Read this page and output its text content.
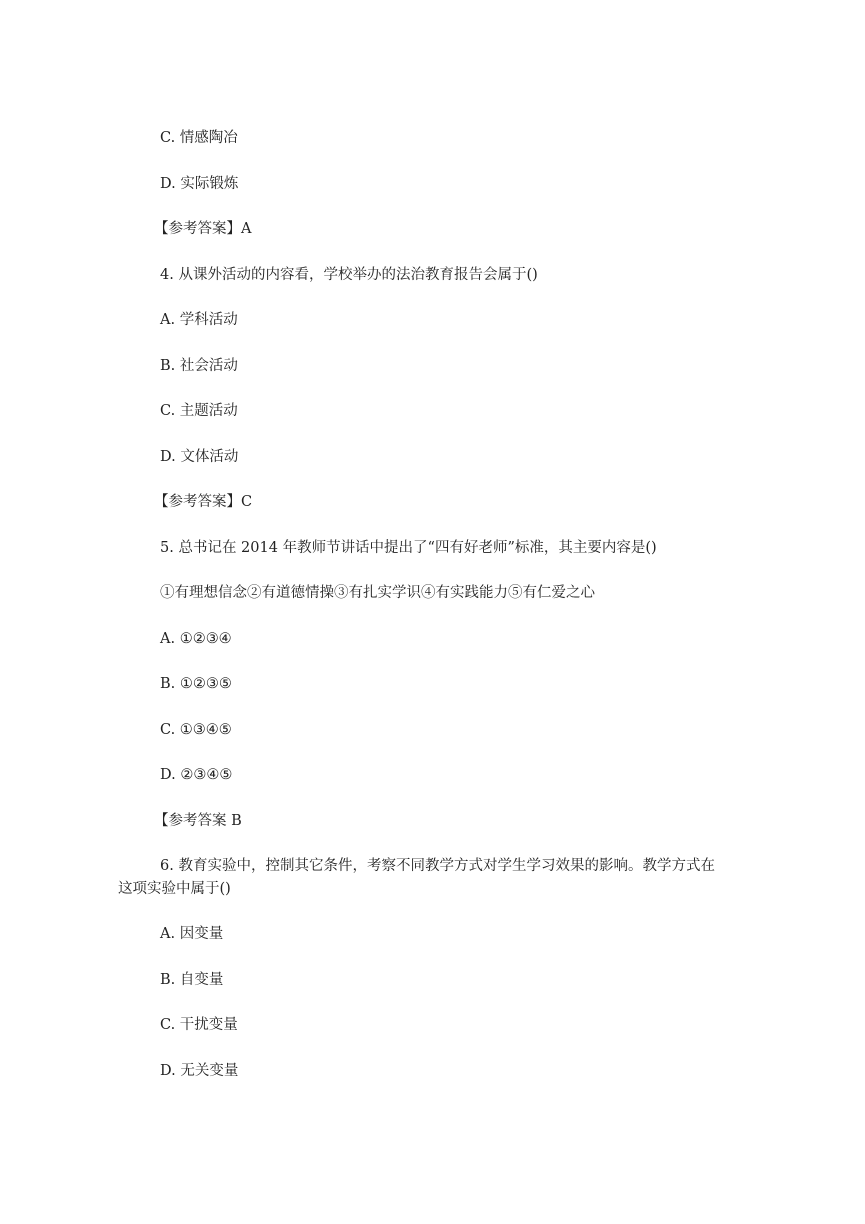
C. 情感陶冶
D. 实际锻炼
【参考答案】A
4. 从课外活动的内容看，学校举办的法治教育报告会属于()
A. 学科活动
B. 社会活动
C. 主题活动
D. 文体活动
【参考答案】C
5. 总书记在 2014 年教师节讲话中提出了“四有好老师”标准，其主要内容是()
①有理想信念②有道德情操③有扎实学识④有实践能力⑤有仁爱之心
A. ①②③④
B. ①②③⑤
C. ①③④⑤
D. ②③④⑤
【参考答案 B
6. 教育实验中，控制其它条件，考察不同教学方式对学生学习效果的影响。教学方式在
这项实验中属于()
A. 因变量
B. 自变量
C. 干扰变量
D. 无关变量
